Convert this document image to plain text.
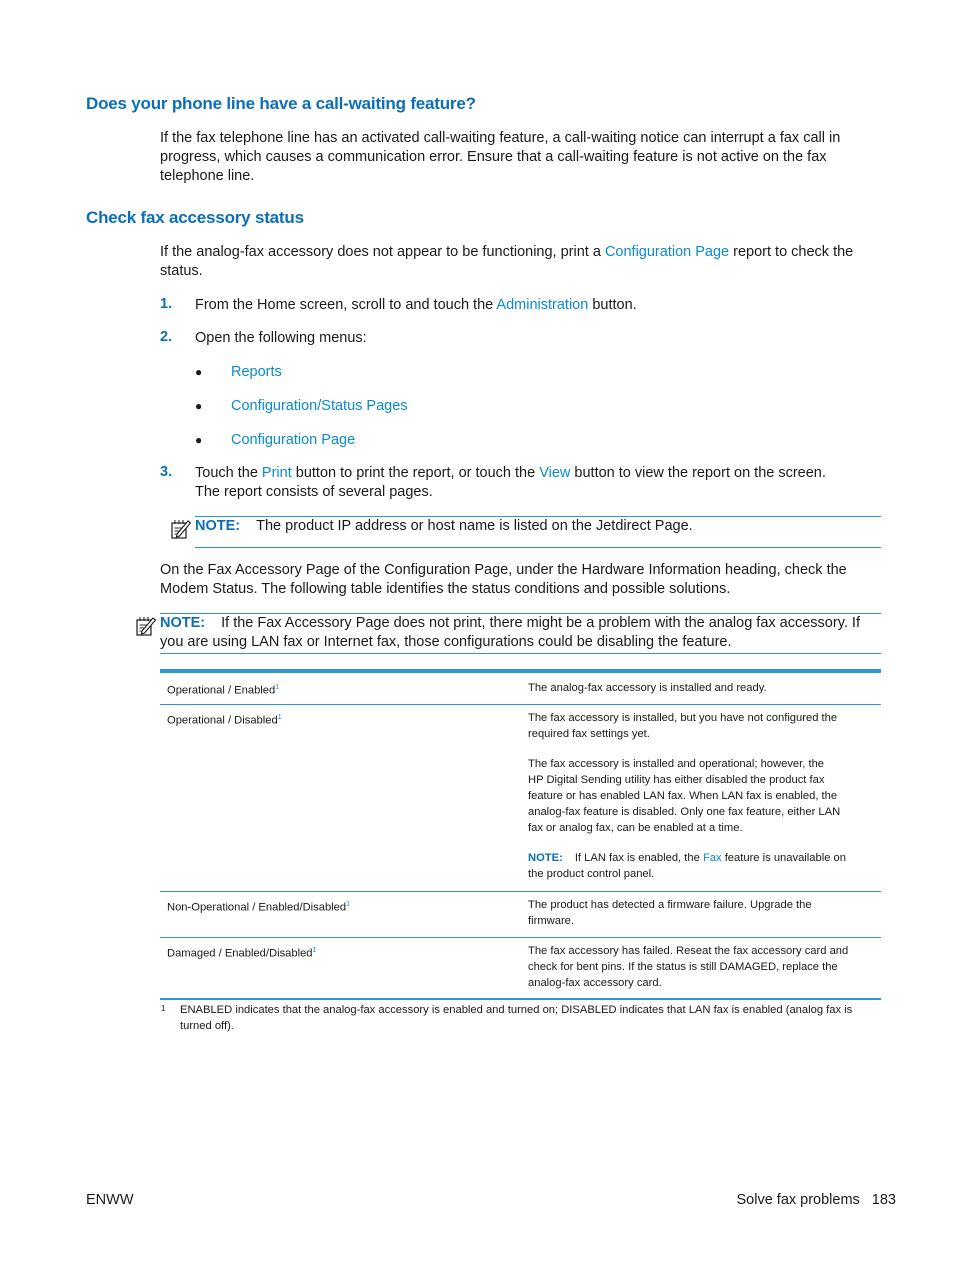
Does your phone line have a call-waiting feature?
If the fax telephone line has an activated call-waiting feature, a call-waiting notice can interrupt a fax call in
progress, which causes a communication error. Ensure that a call-waiting feature is not active on the fax
telephone line.
Check fax accessory status
If the analog-fax accessory does not appear to be functioning, print a Configuration Page report to check the
status.
1. From the Home screen, scroll to and touch the Administration button.
2. Open the following menus:
● Reports
● Configuration/Status Pages
● Configuration Page
3. Touch the Print button to print the report, or touch the View button to view the report on the screen.
The report consists of several pages.
NOTE: The product IP address or host name is listed on the Jetdirect Page.
On the Fax Accessory Page of the Configuration Page, under the Hardware Information heading, check the
Modem Status. The following table identifies the status conditions and possible solutions.
NOTE: If the Fax Accessory Page does not print, there might be a problem with the analog fax accessory. If
you are using LAN fax or Internet fax, those configurations could be disabling the feature.
Operational / Enabled$^1$	The analog-fax accessory is installed and ready.
Operational / Disabled$^1$	The fax accessory is installed, but you have not configured the
required fax settings yet.
The fax accessory is installed and operational; however, the
HP Digital Sending utility has either disabled the product fax
feature or has enabled LAN fax. When LAN fax is enabled, the
analog-fax feature is disabled. Only one fax feature, either LAN
fax or analog fax, can be enabled at a time.
NOTE: If LAN fax is enabled, the Fax feature is unavailable on
the product control panel.
Non-Operational / Enabled/Disabled$^1$	The product has detected a firmware failure. Upgrade the
firmware.
Damaged / Enabled/Disabled$^1$	The fax accessory has failed. Reseat the fax accessory card and
check for bent pins. If the status is still DAMAGED, replace the
analog-fax accessory card.
1 ENABLED indicates that the analog-fax accessory is enabled and turned on; DISABLED indicates that LAN fax is enabled (analog fax is
turned off).
ENWW	Solve fax problems 183
